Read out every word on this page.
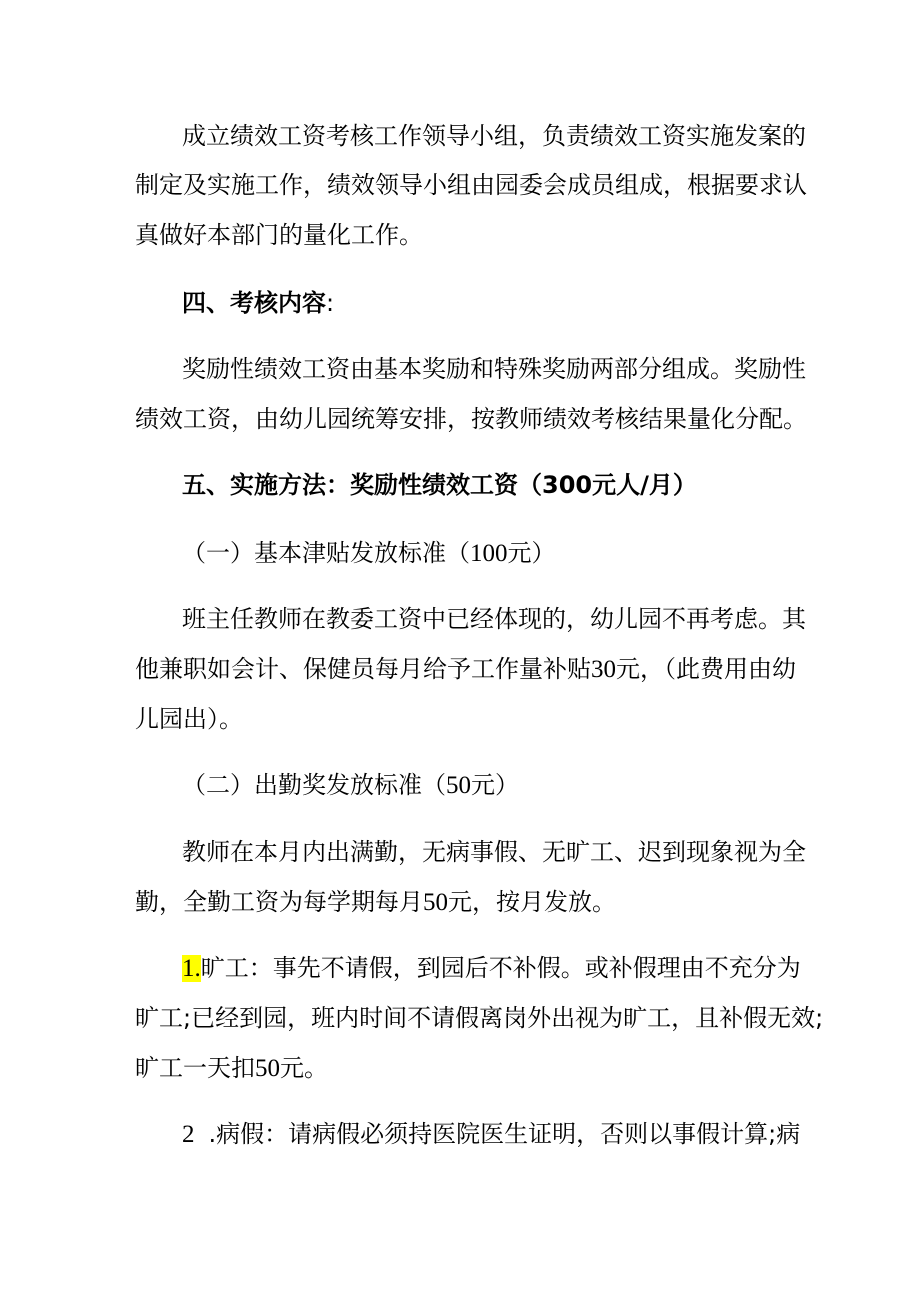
成立绩效工资考核工作领导小组，负责绩效工资实施发案的
制定及实施工作，绩效领导小组由园委会成员组成，根据要求认
真做好本部门的量化工作。
四、考核内容:
奖励性绩效工资由基本奖励和特殊奖励两部分组成。奖励性
绩效工资，由幼儿园统筹安排，按教师绩效考核结果量化分配。
五、实施方法：奖励性绩效工资（300元人/月）
（一）基本津贴发放标准（100元）
班主任教师在教委工资中已经体现的，幼儿园不再考虑。其
他兼职如会计、保健员每月给予工作量补贴30元，（此费用由幼
儿园出）。
（二）出勤奖发放标准（50元）
教师在本月内出满勤，无病事假、无旷工、迟到现象视为全
勤，全勤工资为每学期每月50元，按月发放。
1.旷工：事先不请假，到园后不补假。或补假理由不充分为
旷工;已经到园，班内时间不请假离岗外出视为旷工，且补假无效;
旷工一天扣50元。
2 .病假：请病假必须持医院医生证明，否则以事假计算;病
